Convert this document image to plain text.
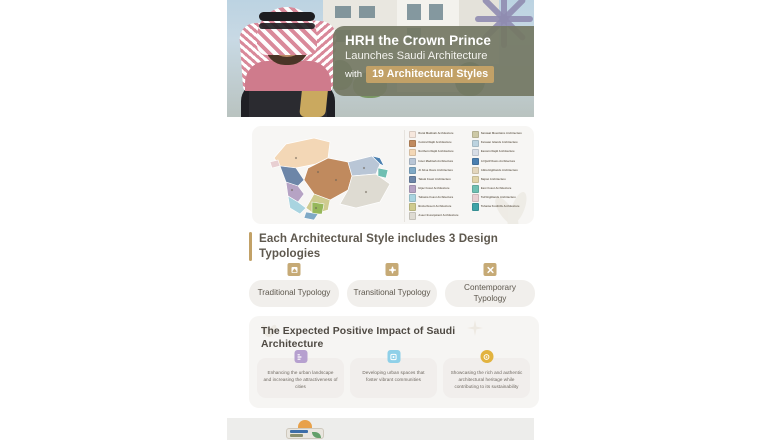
HRH the Crown Prince
Launches Saudi Architecture
with 19 Architectural Styles
Rural Madinah Architecture
Central Najdi Architecture
Northern Najdi Architecture
Inner Madinah Architecture
Al Ahsa Oasis Architecture
Tabuk Coast Architecture
Hijaz Coast Architecture
Tuhama Coast Architecture
Bisha Desert Architecture
Aseer Escarpment Architecture
Sarawat Mountains Architecture
Farasan Islands Architecture
Eastern Najdi Architecture
Al Qatif Oasis Architecture
Abha Highlands Architecture
Najran Architecture
East Coast Architecture
Taif Highlands Architecture
Tuhama Foothills Architecture
Each Architectural Style includes 3 Design Typologies
Traditional Typology	Transitional Typology
Contemporary Typology
The Expected Positive Impact of Saudi Architecture
Enhancing the urban landscape and increasing the attractiveness of cities
Developing urban spaces that foster vibrant communities
Showcasing the rich and authentic architectural heritage while contributing to its sustainability
